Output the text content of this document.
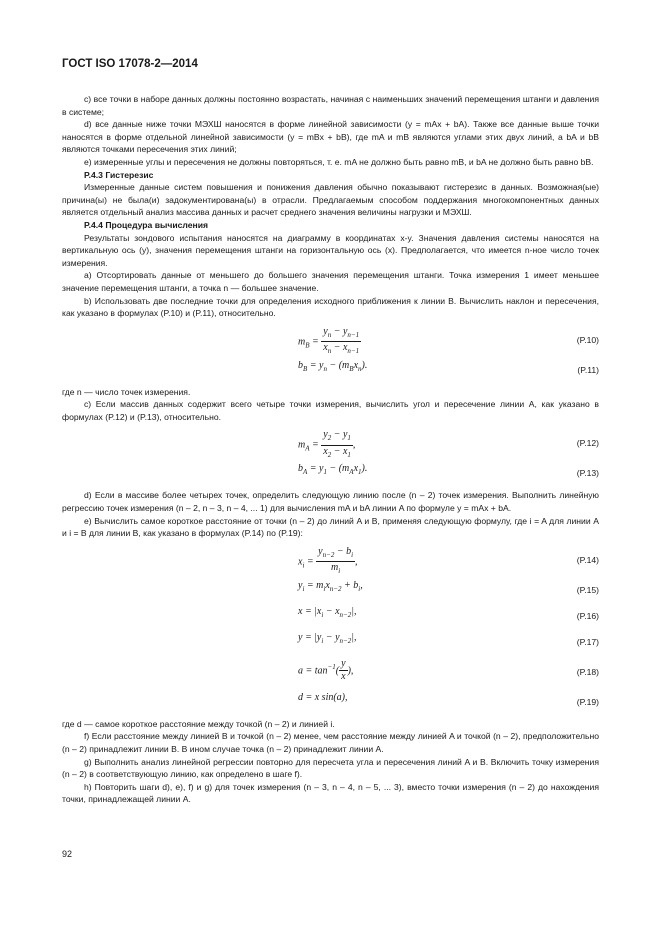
ГОСТ ISO 17078-2—2014

c) все точки в наборе данных должны постоянно возрастать, начиная с наименьших значений перемещения штанги и давления в системе;

d) все данные ниже точки МЭХШ наносятся в форме линейной зависимости (y = mAx + bA). Также все данные выше точки наносятся в форме отдельной линейной зависимости (y = mBx + bB), где mA и mB являются углами этих двух линий, а bA и bB являются точками пересечения этих линий;

e) измеренные углы и пересечения не должны повторяться, т. е. mA не должно быть равно mB, и bA не должно быть равно bB.

P.4.3 Гистерезис

Измеренные данные систем повышения и понижения давления обычно показывают гистерезис в данных. Возможная(ые) причина(ы) не была(и) задокументирована(ы) в отрасли. Предлагаемым способом поддержания многокомпонентных данных является отдельный анализ массива данных и расчет среднего значения величины нагрузки и МЭХШ.

P.4.4 Процедура вычисления

Результаты зондового испытания наносятся на диаграмму в координатах x-y. Значения давления системы наносятся на вертикальную ось (y), значения перемещения штанги на горизонтальную ось (x). Предполагается, что имеется n-ное число точек измерения.

a) Отсортировать данные от меньшего до большего значения перемещения штанги. Точка измерения 1 имеет меньшее значение перемещения штанги, а точка n — большее значение.

b) Использовать две последние точки для определения исходного приближения к линии B. Вычислить наклон и пересечения, как указано в формулах (P.10) и (P.11), относительно.

$m_B = \frac{y_n - y_{n-1}}{x_n - x_{n-1}}$	(P.10)
$b_B = y_n - (m_Bx_n)$.	(P.11)

где n — число точек измерения.

c) Если массив данных содержит всего четыре точки измерения, вычислить угол и пересечение линии A, как указано в формулах (P.12) и (P.13), относительно.

$m_A = \frac{y_2 - y_1}{x_2 - x_1}$ ,	(P.12)
$b_A = y_1 - (m_Ax_1)$.	(P.13)

d) Если в массиве более четырех точек, определить следующую линию после (n – 2) точек измерения. Выполнить линейную регрессию точек измерения (n – 2, n – 3, n – 4, ... 1) для вычисления mA и bA линии A по формуле y = mAx + bA.

e) Вычислить самое короткое расстояние от точки (n – 2) до линий A и B, применяя следующую формулу, где i = A для линии A и i = B для линии B, как указано в формулах (P.14) по (P.19):

$x_i = \frac{y_{n-2} - b_i}{m_i}$ ,	(P.14)
$y_i = m_ix_{n-2} + b_i$,	(P.15)
$x = |x_i - x_{n-2}|$,	(P.16)
$y = |y_i - y_{n-2}|$,	(P.17)
$a = \tan^{-1}( \frac{y}{x}$ ),	(P.18)
d = x sin(a),	(P.19)

где d — самое короткое расстояние между точкой (n – 2) и линией i.

f) Если расстояние между линией B и точкой (n – 2) менее, чем расстояние между линией A и точкой (n – 2), предположительно (n – 2) принадлежит линии B. В ином случае точка (n – 2) принадлежит линии A.

g) Выполнить анализ линейной регрессии повторно для пересчета угла и пересечения линий A и B. Включить точку измерения (n – 2) в соответствующую линию, как определено в шаге f).

h) Повторить шаги d), e), f) и g) для точек измерения (n – 3, n – 4, n – 5, ... 3), вместо точки измерения (n – 2) до нахождения точки, принадлежащей линии A.

92
